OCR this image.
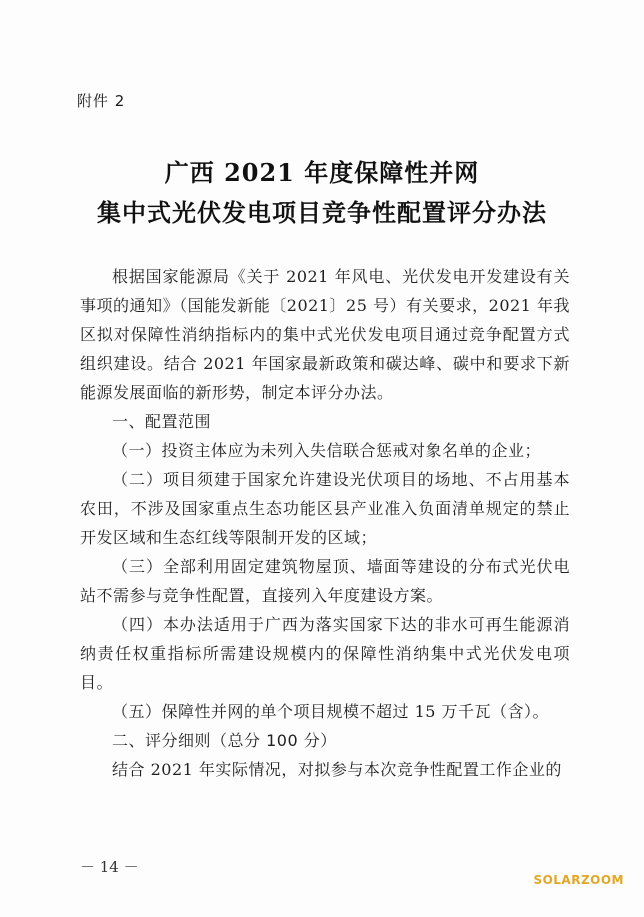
附件 2
广西 2021 年度保障性并网
集中式光伏发电项目竞争性配置评分办法

根据国家能源局《关于 2021 年风电、光伏发电开发建设有关事项的通知》（国能发新能〔2021〕25 号）有关要求，2021 年我区拟对保障性消纳指标内的集中式光伏发电项目通过竞争配置方式组织建设。结合 2021 年国家最新政策和碳达峰、碳中和要求下新能源发展面临的新形势，制定本评分办法。

一、配置范围

（一）投资主体应为未列入失信联合惩戒对象名单的企业；

（二）项目须建于国家允许建设光伏项目的场地、不占用基本农田，不涉及国家重点生态功能区县产业准入负面清单规定的禁止开发区域和生态红线等限制开发的区域；

（三）全部利用固定建筑物屋顶、墙面等建设的分布式光伏电站不需参与竞争性配置，直接列入年度建设方案。

（四）本办法适用于广西为落实国家下达的非水可再生能源消纳责任权重指标所需建设规模内的保障性消纳集中式光伏发电项目。

（五）保障性并网的单个项目规模不超过 15 万千瓦（含）。

二、评分细则（总分 100 分）

结合 2021 年实际情况，对拟参与本次竞争性配置工作企业的

－ 14 －
SOLARZOOM
